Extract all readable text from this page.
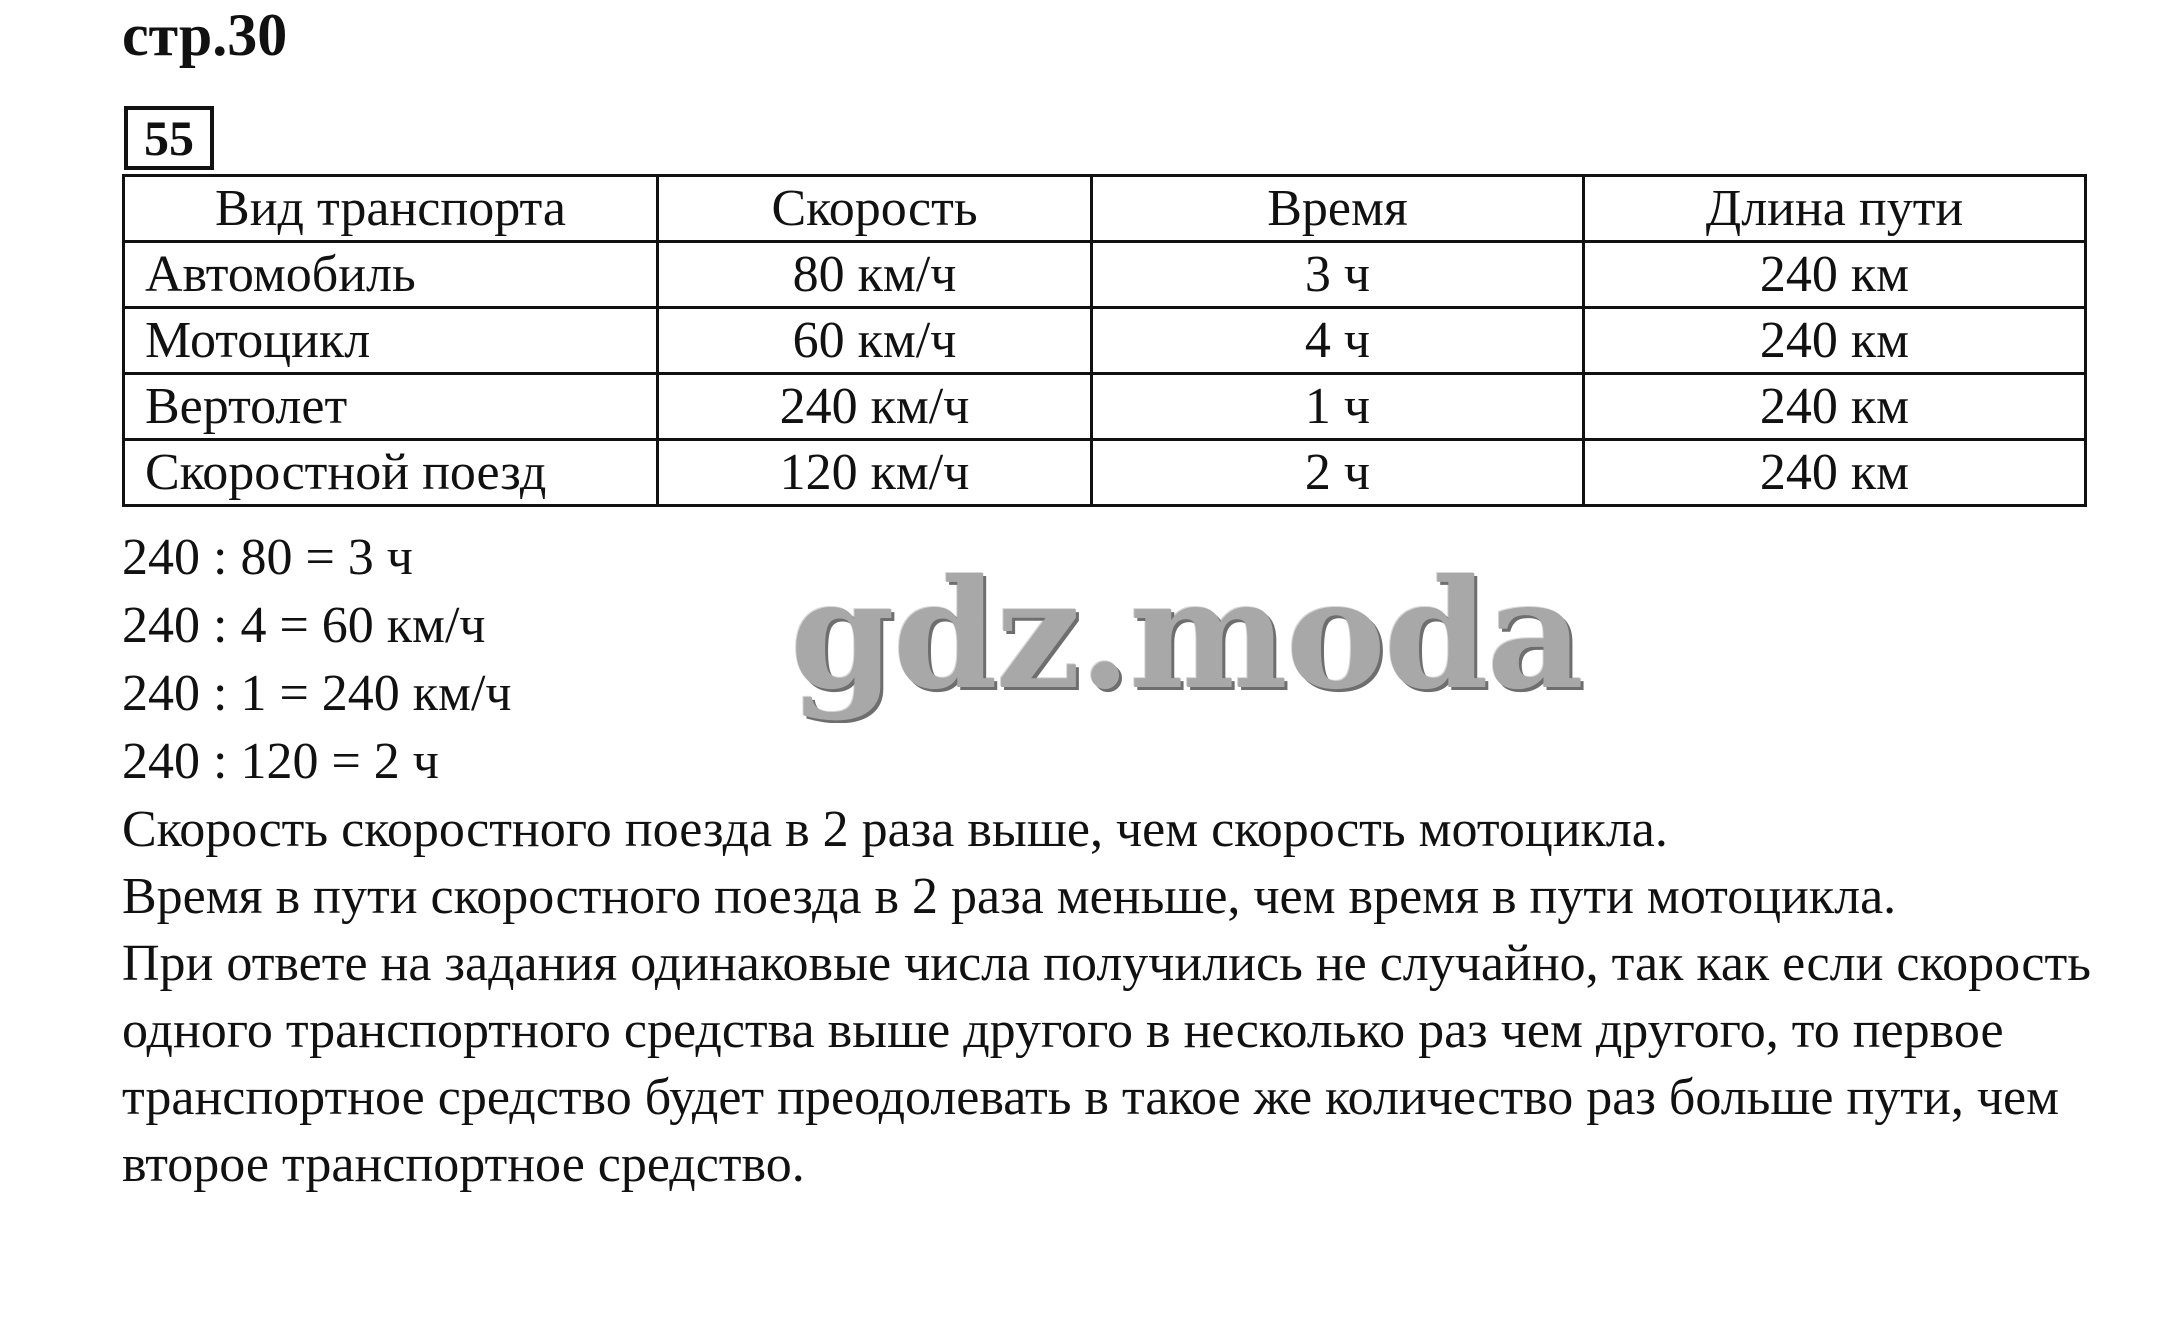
стр.30
55
Вид транспорта	Скорость	Время	Длина пути
Автомобиль	80 км/ч	3 ч	240 км
Мотоцикл	60 км/ч	4 ч	240 км
Вертолет	240 км/ч	1 ч	240 км
Скоростной поезд	120 км/ч	2 ч	240 км
240 : 80 = 3 ч
240 : 4 = 60 км/ч
240 : 1 = 240 км/ч
240 : 120 = 2 ч
gdz.moda

Скорость скоростного поезда в 2 раза выше, чем скорость мотоцикла.

Время в пути скоростного поезда в 2 раза меньше, чем время в пути мотоцикла.

При ответе на задания одинаковые числа получились не случайно, так как если скорость одного транспортного средства выше другого в несколько раз чем другого, то первое транспортное средство будет преодолевать в такое же количество раз больше пути, чем второе транспортное средство.
